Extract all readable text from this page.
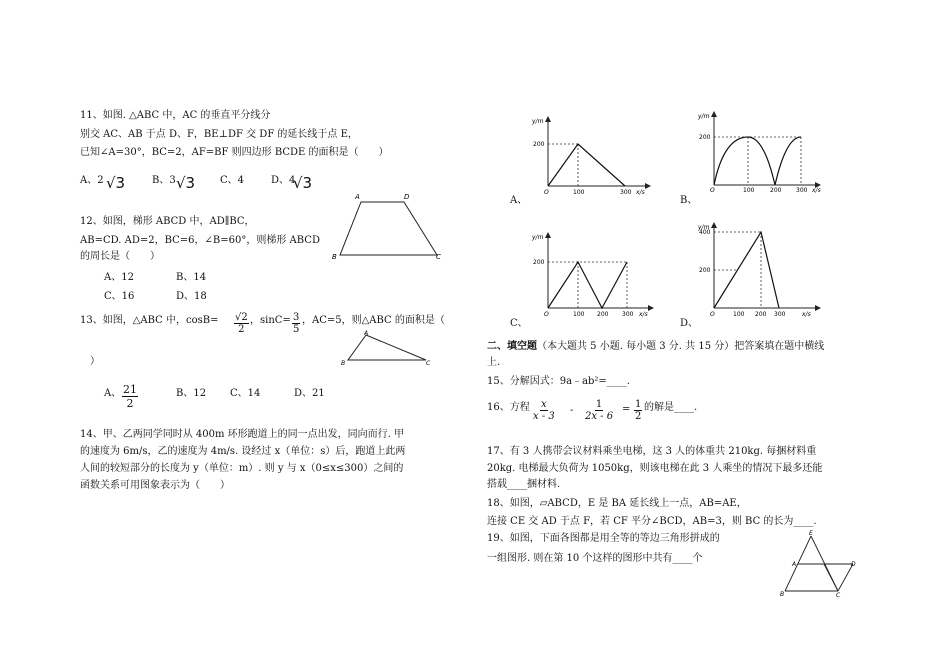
11、如图. △ABC 中，AC 的垂直平分线分
别交 AC、AB 于点 D、F，BE⊥DF 交 DF 的延长线于点 E，
已知∠A=30°，BC=2，AF=BF 则四边形 BCDE 的面积是（　　）
A、2 √3	B、3 √3 C、4	D、4
√3
12、如图，梯形 ABCD 中，AD∥BC，
AB=CD. AD=2，BC=6，∠B=60°，则梯形 ABCD
的周长是（　　）
A、12	B、14
C、16	D、18
A	D
B	C
13、如图，△ABC 中，$\cos B= \frac{√2}{2}$ ，$\sin C= \frac{3}{5}$ ，AC=5，则△ABC 的面积是（
）
A
B	C
A、 $\frac{21}{2}$	B、12 C、14	D、21
14、甲、乙两同学同时从 400m 环形跑道上的同一点出发，同向而行. 甲
的速度为 6m/s，乙的速度为 4m/s. 设经过 x（单位：s）后，跑道上此两
人间的较短部分的长度为 y（单位：m）. 则 y 与 x（0≤x≤300）之间的
函数关系可用图象表示为（　　）
A、
y/m
200
O	100	300 x/s
B、
y/m
200
O	100	200 300 x/s
C、
y/m
200
O	100 200 300 x/s
D、
y/m
400
200
O	100 200 300	x/s
二、填空题（本大题共 5 小题. 每小题 3 分. 共 15 分）把答案填在题中横线
上.
15、分解因式：9a﹣ab²=____.
16、方程 $\frac{x}{x - 3} - \frac{1}{2x - 6} = \frac{1}{2}$ 的解是____.
17、有 3 人携带会议材料乘坐电梯，这 3 人的体重共 210kg. 每捆材料重
20kg. 电梯最大负荷为 1050kg，则该电梯在此 3 人乘坐的情况下最多还能
搭载____捆材料.
18、如图，▱ABCD，E 是 BA 延长线上一点，AB=AE，
连接 CE 交 AD 于点 F，若 CF 平分∠BCD，AB=3，则 BC 的长为____.
19、如图，下面各图都是用全等的等边三角形拼成的
一组图形. 则在第 10 个这样的图形中共有____个
E
A	D
B	C
